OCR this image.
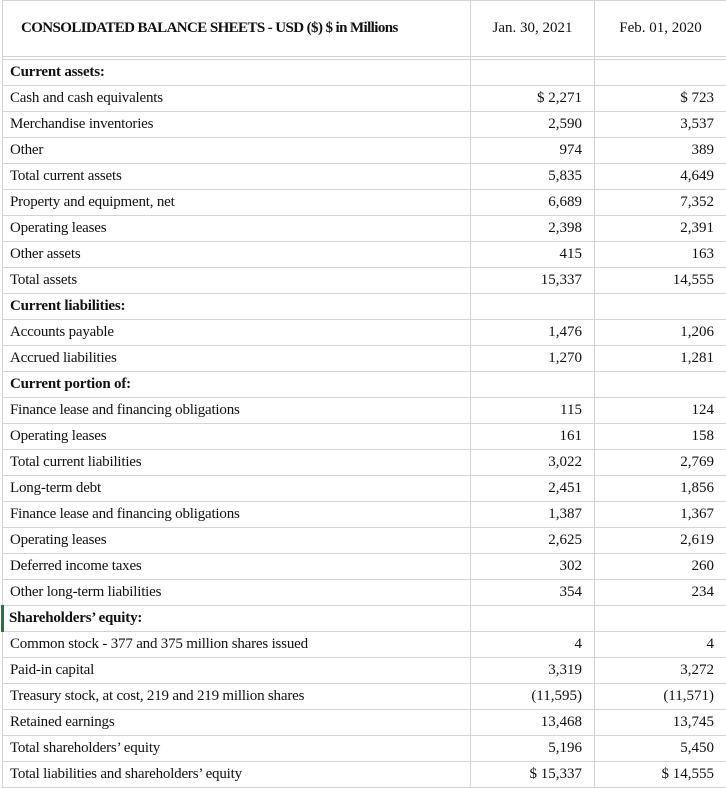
CONSOLIDATED BALANCE SHEETS - USD ($) $ in Millions	Jan. 30, 2021	Feb. 01, 2020

Current assets:		
Cash and cash equivalents	$ 2,271	$ 723
Merchandise inventories	2,590	3,537
Other	974	389
Total current assets	5,835	4,649
Property and equipment, net	6,689	7,352
Operating leases	2,398	2,391
Other assets	415	163
Total assets	15,337	14,555
Current liabilities:		
Accounts payable	1,476	1,206
Accrued liabilities	1,270	1,281
Current portion of:		
Finance lease and financing obligations	115	124
Operating leases	161	158
Total current liabilities	3,022	2,769
Long-term debt	2,451	1,856
Finance lease and financing obligations	1,387	1,367
Operating leases	2,625	2,619
Deferred income taxes	302	260
Other long-term liabilities	354	234
Shareholders’ equity:		
Common stock - 377 and 375 million shares issued	4	4
Paid-in capital	3,319	3,272
Treasury stock, at cost, 219 and 219 million shares	(11,595)	(11,571)
Retained earnings	13,468	13,745
Total shareholders’ equity	5,196	5,450
Total liabilities and shareholders’ equity	$ 15,337	$ 14,555
